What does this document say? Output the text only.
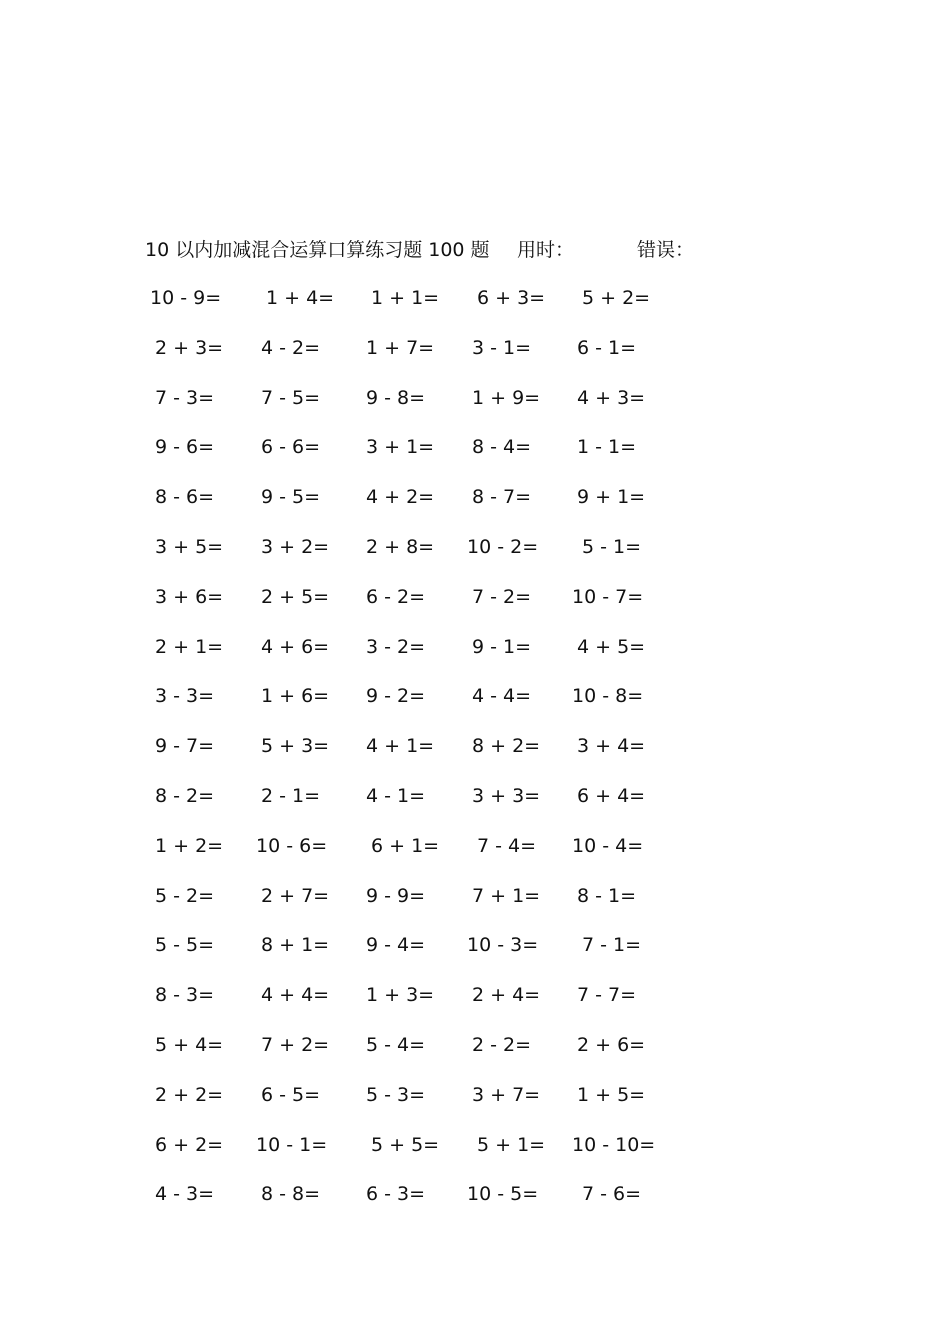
10 以内加减混合运算口算练习题 100 题 用时：	错误：
10 - 9= 1 + 4= 1 + 1= 6 + 3= 5 + 2=
2 + 3= 4 - 2= 1 + 7= 3 - 1= 6 - 1=
7 - 3= 7 - 5= 9 - 8= 1 + 9= 4 + 3=
9 - 6= 6 - 6= 3 + 1= 8 - 4= 1 - 1=
8 - 6= 9 - 5= 4 + 2= 8 - 7= 9 + 1=
3 + 5= 3 + 2= 2 + 8= 10 - 2= 5 - 1=
3 + 6= 2 + 5= 6 - 2= 7 - 2= 10 - 7=
2 + 1= 4 + 6= 3 - 2= 9 - 1= 4 + 5=
3 - 3= 1 + 6= 9 - 2= 4 - 4= 10 - 8=
9 - 7= 5 + 3= 4 + 1= 8 + 2= 3 + 4=
8 - 2= 2 - 1= 4 - 1= 3 + 3= 6 + 4=
1 + 2= 10 - 6= 6 + 1= 7 - 4= 10 - 4=
5 - 2= 2 + 7= 9 - 9= 7 + 1= 8 - 1=
5 - 5= 8 + 1= 9 - 4= 10 - 3= 7 - 1=
8 - 3= 4 + 4= 1 + 3= 2 + 4= 7 - 7=
5 + 4= 7 + 2= 5 - 4= 2 - 2= 2 + 6=
2 + 2= 6 - 5= 5 - 3= 3 + 7= 1 + 5=
6 + 2= 10 - 1= 5 + 5= 5 + 1= 10 - 10=
4 - 3= 8 - 8= 6 - 3= 10 - 5= 7 - 6=
